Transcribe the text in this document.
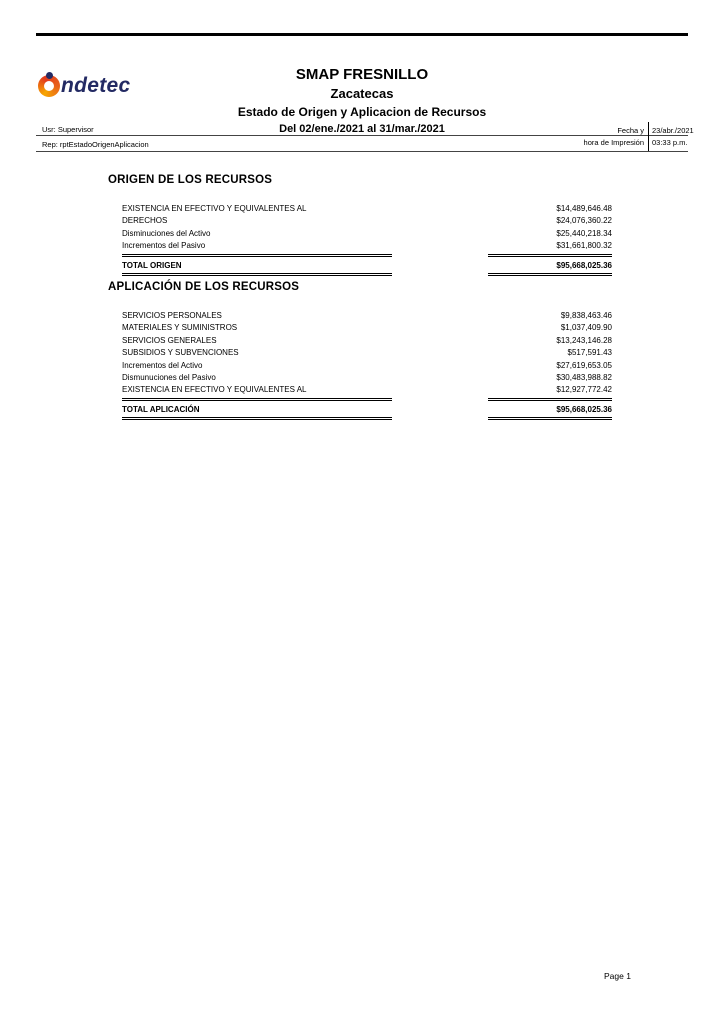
ndetec	SMAP FRESNILLO
Zacatecas
Estado de Origen y Aplicacion de Recursos
Del 02/ene./2021 al 31/mar./2021
Usr: Supervisor
Rep: rptEstadoOrigenAplicacion
Fecha y 23/abr./2021
hora de Impresión 03:33 p.m.
ORIGEN DE LOS RECURSOS
EXISTENCIA EN EFECTIVO Y EQUIVALENTES AL	$14,489,646.48
DERECHOS	$24,076,360.22
Disminuciones del Activo	$25,440,218.34
Incrementos del Pasivo	$31,661,800.32
TOTAL ORIGEN	$95,668,025.36
APLICACIÓN DE LOS RECURSOS
SERVICIOS PERSONALES	$9,838,463.46
MATERIALES Y SUMINISTROS	$1,037,409.90
SERVICIOS GENERALES	$13,243,146.28
SUBSIDIOS Y SUBVENCIONES	$517,591.43
Incrementos del Activo	$27,619,653.05
Dismunuciones del Pasivo	$30,483,988.82
EXISTENCIA EN EFECTIVO Y EQUIVALENTES AL	$12,927,772.42
TOTAL APLICACIÓN	$95,668,025.36
Page 1
